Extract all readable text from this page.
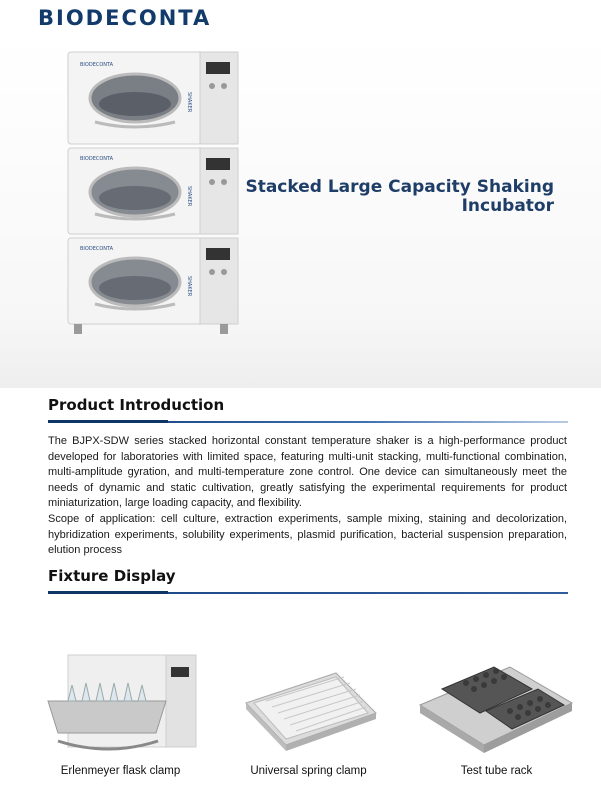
BIODECONTA
BIODECONTA
SHAKER
BIODECONTA
SHAKER
BIODECONTA
SHAKER
Stacked Large Capacity Shaking
Incubator
Product Introduction

The BJPX-SDW series stacked horizontal constant temperature shaker is a high-performance product developed for laboratories with limited space, featuring multi-unit stacking, multi-functional combination, multi-amplitude gyration, and multi-temperature zone control. One device can simultaneously meet the needs of dynamic and static cultivation, greatly satisfying the experimental requirements for product miniaturization, large loading capacity, and flexibility.

Scope of application: cell culture, extraction experiments, sample mixing, staining and decolorization, hybridization experiments, solubility experiments, plasmid purification, bacterial suspension preparation, elution process

Fixture Display
Erlenmeyer flask clamp	Universal spring clamp	Test tube rack
